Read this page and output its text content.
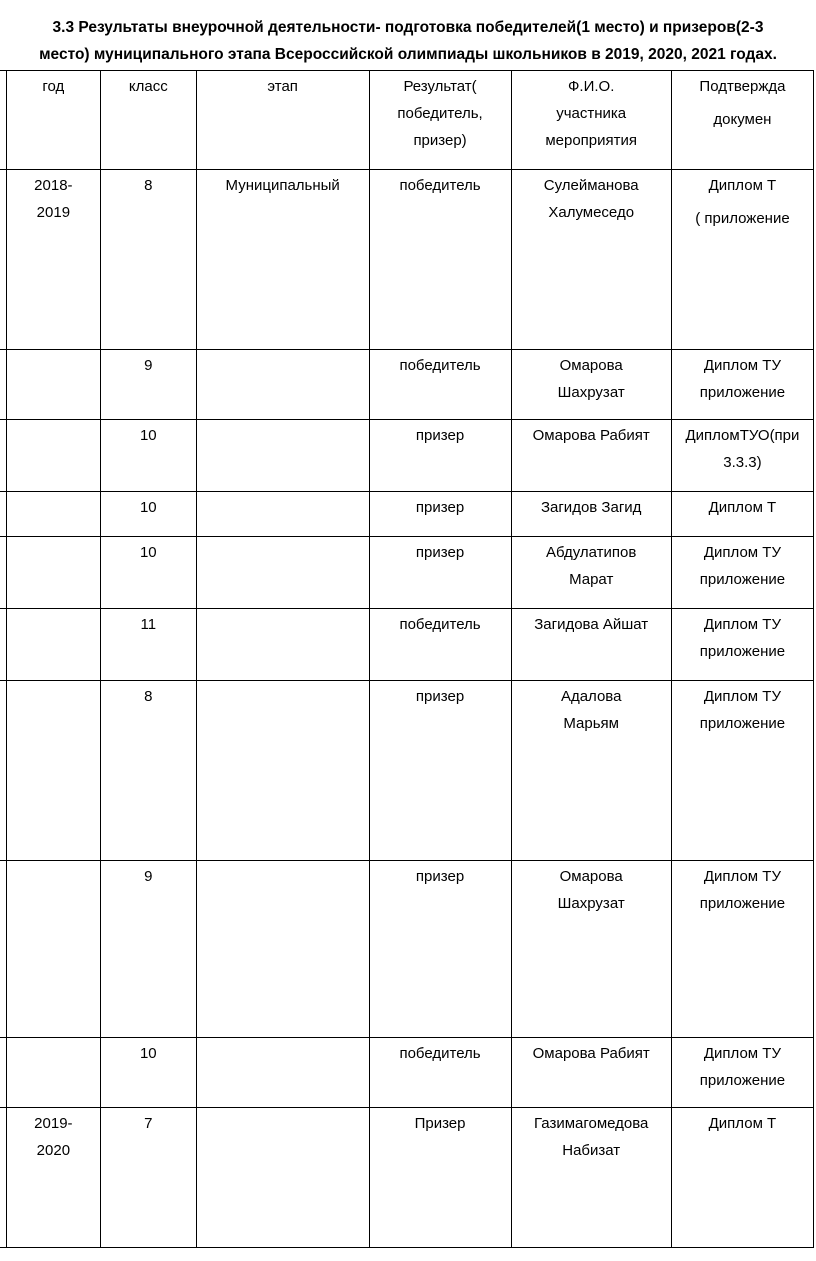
3.3 Результаты внеурочной деятельности- подготовка победителей(1 место) и призеров(2-3
место) муниципального этапа Всероссийской олимпиады школьников в 2019, 2020, 2021 годах.
	год	класс	этап	Результат(
победитель,
призер)	Ф.И.О.
участника
мероприятия	Подтвержда
докумен

	2018-
2019	8	Муниципальный	победитель	Сулейманова
Халумеседо	Диплом Т
( приложение

		9		победитель	Омарова
Шахрузат	Диплом ТУ
приложение

		10		призер	Омарова Рабият	ДипломТУО(при
3.3.3)

		10		призер	Загидов Загид	Диплом Т

		10		призер	Абдулатипов
Марат	Диплом ТУ
приложение

		11		победитель	Загидова Айшат	Диплом ТУ
приложение

		8		призер	Адалова
Марьям	Диплом ТУ
приложение

		9		призер	Омарова
Шахрузат	Диплом ТУ
приложение

		10		победитель	Омарова Рабият	Диплом ТУ
приложение

	2019-
2020	7		Призер	Газимагомедова
Набизат	Диплом Т
